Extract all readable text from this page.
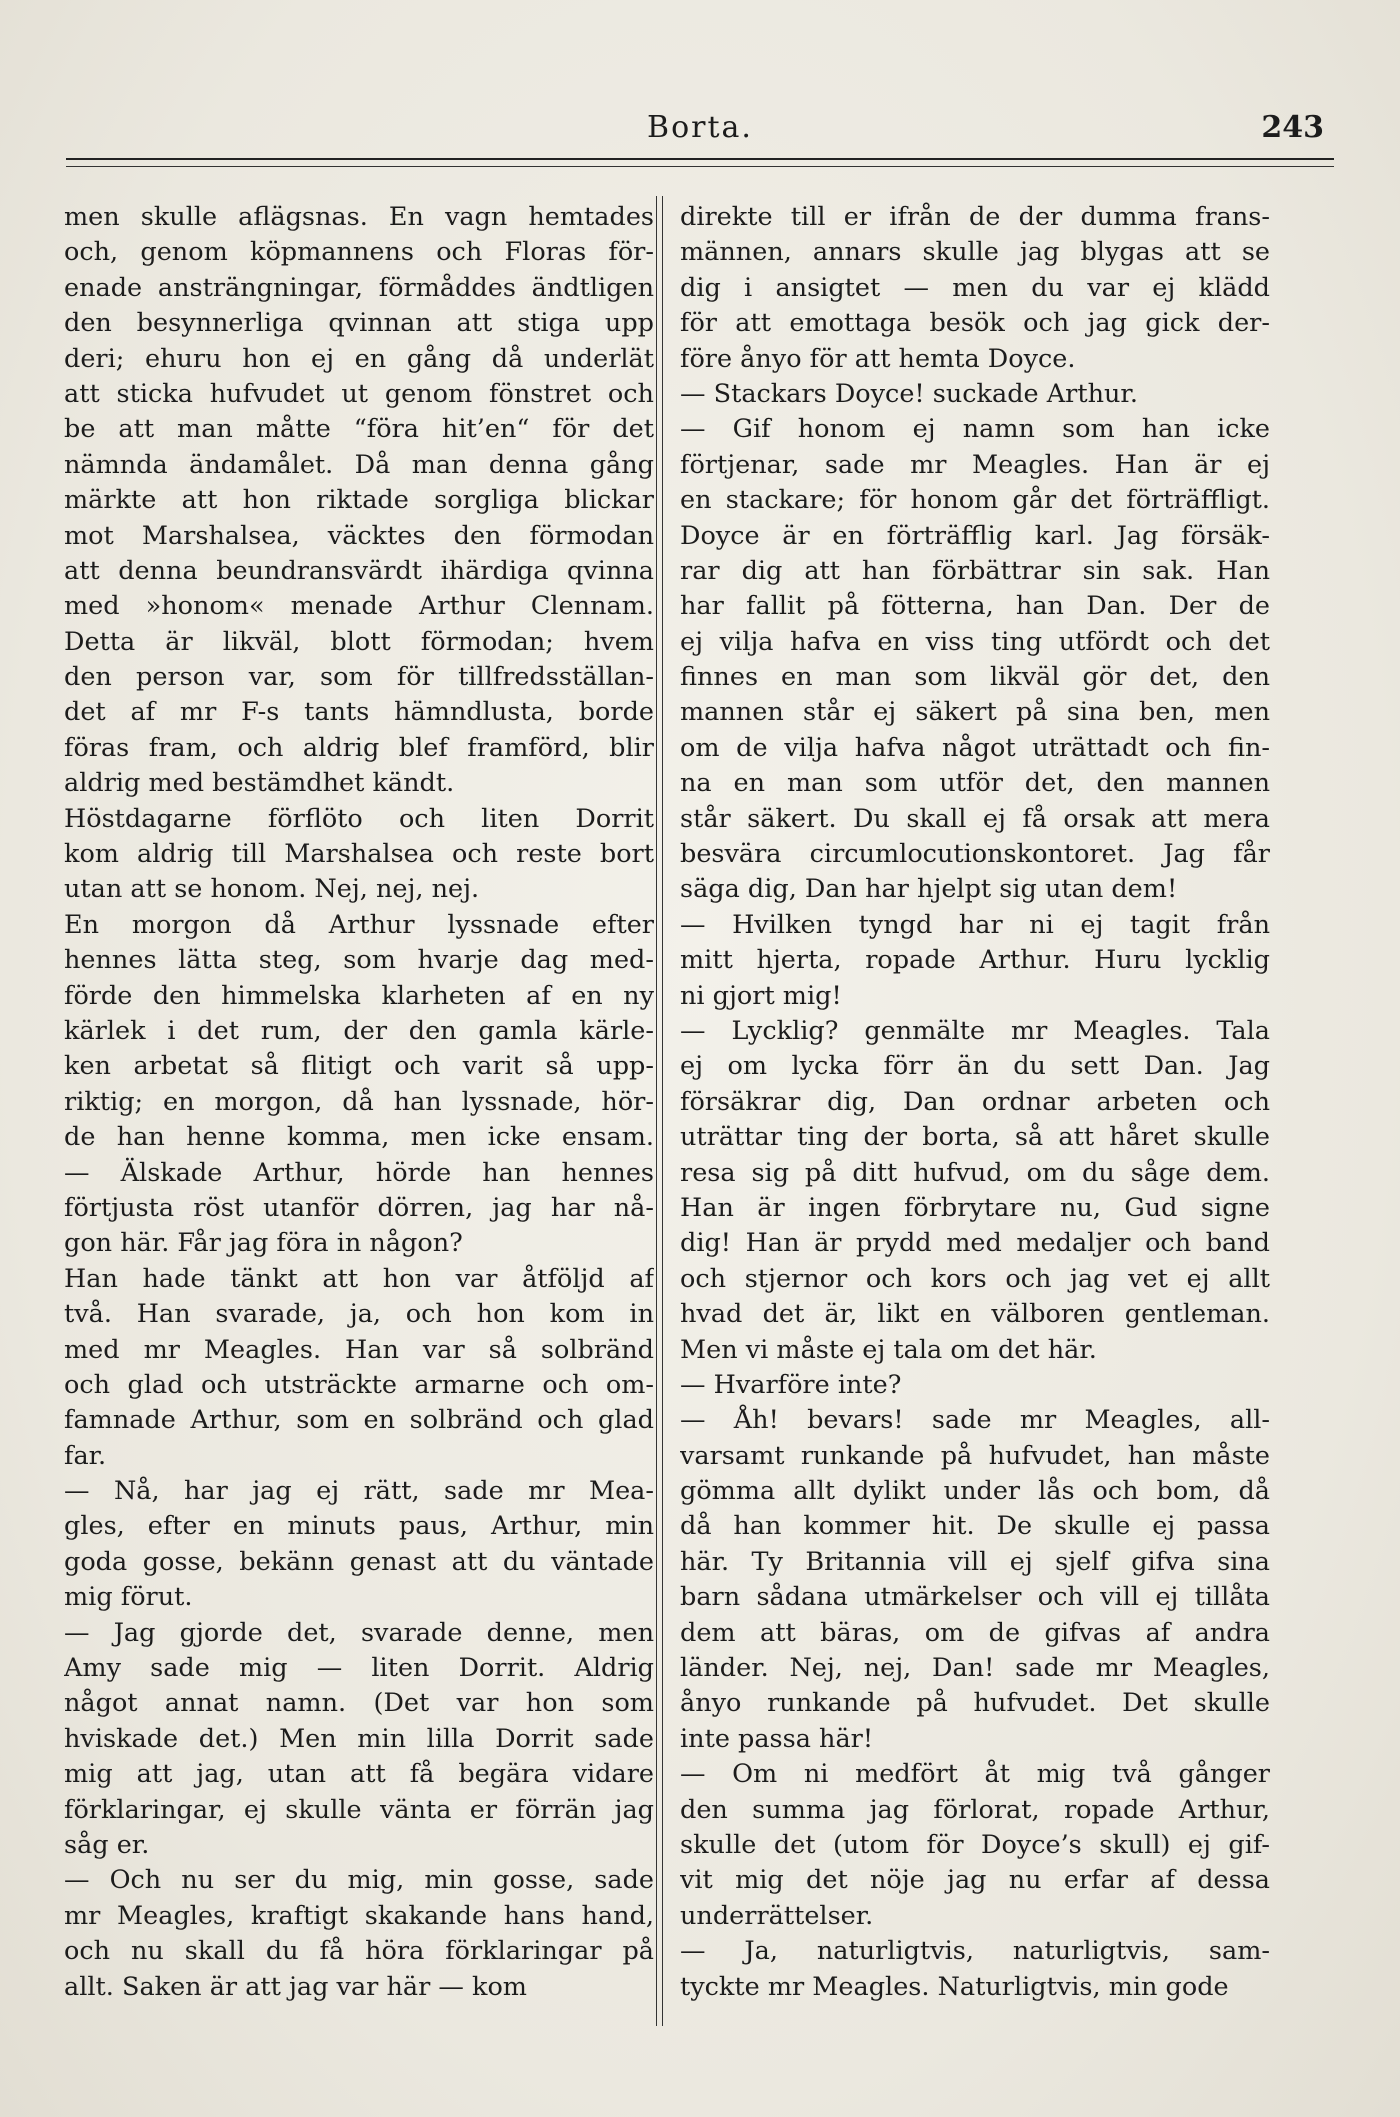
Borta.	243
men skulle aflägsnas. En vagn hemtades
och, genom köpmannens och Floras för-
enade ansträngningar, förmåddes ändtligen
den besynnerliga qvinnan att stiga upp
deri; ehuru hon ej en gång då underlät
att sticka hufvudet ut genom fönstret och
be att man måtte “föra hit’en“ för det
nämnda ändamålet. Då man denna gång
märkte att hon riktade sorgliga blickar
mot Marshalsea, väcktes den förmodan
att denna beundransvärdt ihärdiga qvinna
med »honom« menade Arthur Clennam.
Detta är likväl, blott förmodan; hvem
den person var, som för tillfredsställan-
det af mr F-s tants hämndlusta, borde
föras fram, och aldrig blef framförd, blir
aldrig med bestämdhet kändt.
Höstdagarne förflöto och liten Dorrit
kom aldrig till Marshalsea och reste bort
utan att se honom. Nej, nej, nej.
En morgon då Arthur lyssnade efter
hennes lätta steg, som hvarje dag med-
förde den himmelska klarheten af en ny
kärlek i det rum, der den gamla kärle-
ken arbetat så flitigt och varit så upp-
riktig; en morgon, då han lyssnade, hör-
de han henne komma, men icke ensam.
— Älskade Arthur, hörde han hennes
förtjusta röst utanför dörren, jag har nå-
gon här. Får jag föra in någon?
Han hade tänkt att hon var åtföljd af
två. Han svarade, ja, och hon kom in
med mr Meagles. Han var så solbränd
och glad och utsträckte armarne och om-
famnade Arthur, som en solbränd och glad
far.
— Nå, har jag ej rätt, sade mr Mea-
gles, efter en minuts paus, Arthur, min
goda gosse, bekänn genast att du väntade
mig förut.
— Jag gjorde det, svarade denne, men
Amy sade mig — liten Dorrit. Aldrig
något annat namn. (Det var hon som
hviskade det.) Men min lilla Dorrit sade
mig att jag, utan att få begära vidare
förklaringar, ej skulle vänta er förrän jag
såg er.
— Och nu ser du mig, min gosse, sade
mr Meagles, kraftigt skakande hans hand,
och nu skall du få höra förklaringar på
allt. Saken är att jag var här — kom
direkte till er ifrån de der dumma frans-
männen, annars skulle jag blygas att se
dig i ansigtet — men du var ej klädd
för att emottaga besök och jag gick der-
före ånyo för att hemta Doyce.
— Stackars Doyce! suckade Arthur.
— Gif honom ej namn som han icke
förtjenar, sade mr Meagles. Han är ej
en stackare; för honom går det förträffligt.
Doyce är en förträfflig karl. Jag försäk-
rar dig att han förbättrar sin sak. Han
har fallit på fötterna, han Dan. Der de
ej vilja hafva en viss ting utfördt och det
finnes en man som likväl gör det, den
mannen står ej säkert på sina ben, men
om de vilja hafva något uträttadt och fin-
na en man som utför det, den mannen
står säkert. Du skall ej få orsak att mera
besvära circumlocutionskontoret. Jag får
säga dig, Dan har hjelpt sig utan dem!
— Hvilken tyngd har ni ej tagit från
mitt hjerta, ropade Arthur. Huru lycklig
ni gjort mig!
— Lycklig? genmälte mr Meagles. Tala
ej om lycka förr än du sett Dan. Jag
försäkrar dig, Dan ordnar arbeten och
uträttar ting der borta, så att håret skulle
resa sig på ditt hufvud, om du såge dem.
Han är ingen förbrytare nu, Gud signe
dig! Han är prydd med medaljer och band
och stjernor och kors och jag vet ej allt
hvad det är, likt en välboren gentleman.
Men vi måste ej tala om det här.
— Hvarföre inte?
— Åh! bevars! sade mr Meagles, all-
varsamt runkande på hufvudet, han måste
gömma allt dylikt under lås och bom, då
då han kommer hit. De skulle ej passa
här. Ty Britannia vill ej sjelf gifva sina
barn sådana utmärkelser och vill ej tillåta
dem att bäras, om de gifvas af andra
länder. Nej, nej, Dan! sade mr Meagles,
ånyo runkande på hufvudet. Det skulle
inte passa här!
— Om ni medfört åt mig två gånger
den summa jag förlorat, ropade Arthur,
skulle det (utom för Doyce’s skull) ej gif-
vit mig det nöje jag nu erfar af dessa
underrättelser.
— Ja, naturligtvis, naturligtvis, sam-
tyckte mr Meagles. Naturligtvis, min gode
